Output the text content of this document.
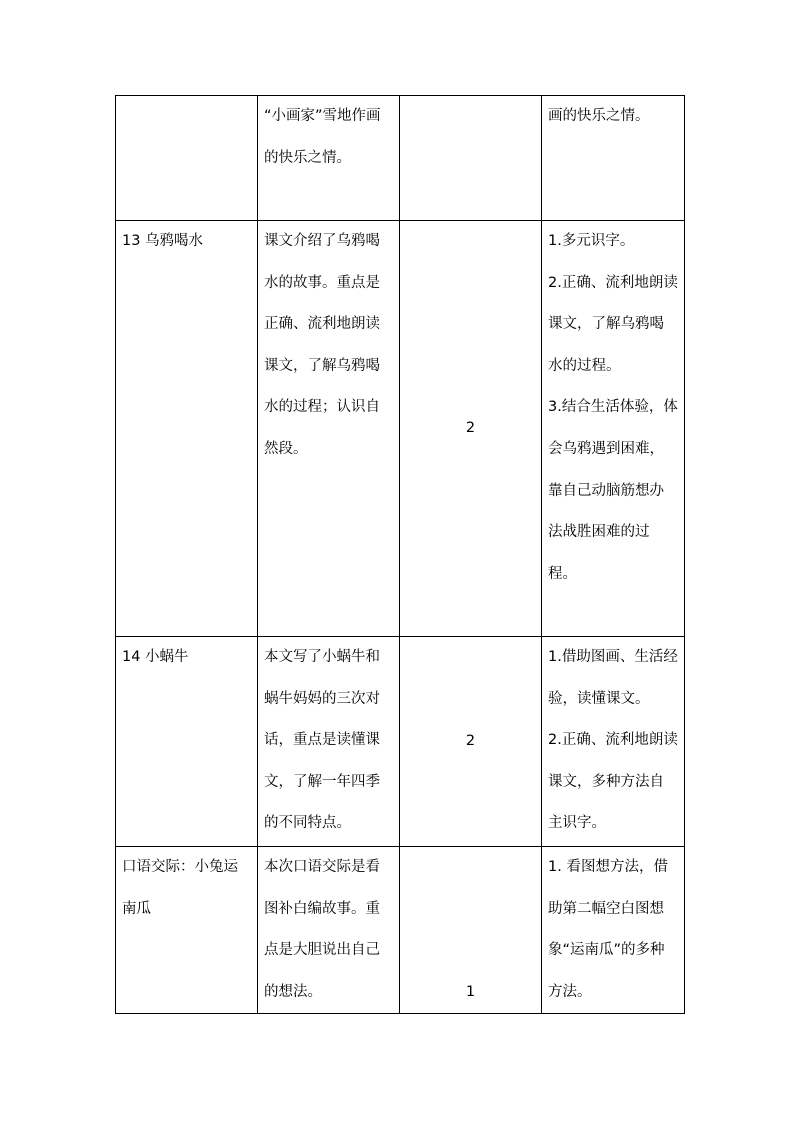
	“小画家”雪地作画的快乐之情。		画的快乐之情。

13 乌鸦喝水	课文介绍了乌鸦喝水的故事。重点是正确、流利地朗读课文，了解乌鸦喝水的过程；认识自然段。	2	1.多元识字。
2.正确、流利地朗读课文，了解乌鸦喝水的过程。
3.结合生活体验，体会乌鸦遇到困难，靠自己动脑筋想办法战胜困难的过程。

14 小蜗牛	本文写了小蜗牛和蜗牛妈妈的三次对话，重点是读懂课文，了解一年四季的不同特点。	2	1.借助图画、生活经验，读懂课文。
2.正确、流利地朗读课文，多种方法自主识字。

口语交际：小兔运南瓜	本次口语交际是看图补白编故事。重点是大胆说出自己的想法。	1	1. 看图想方法，借助第二幅空白图想象“运南瓜”的多种方法。
